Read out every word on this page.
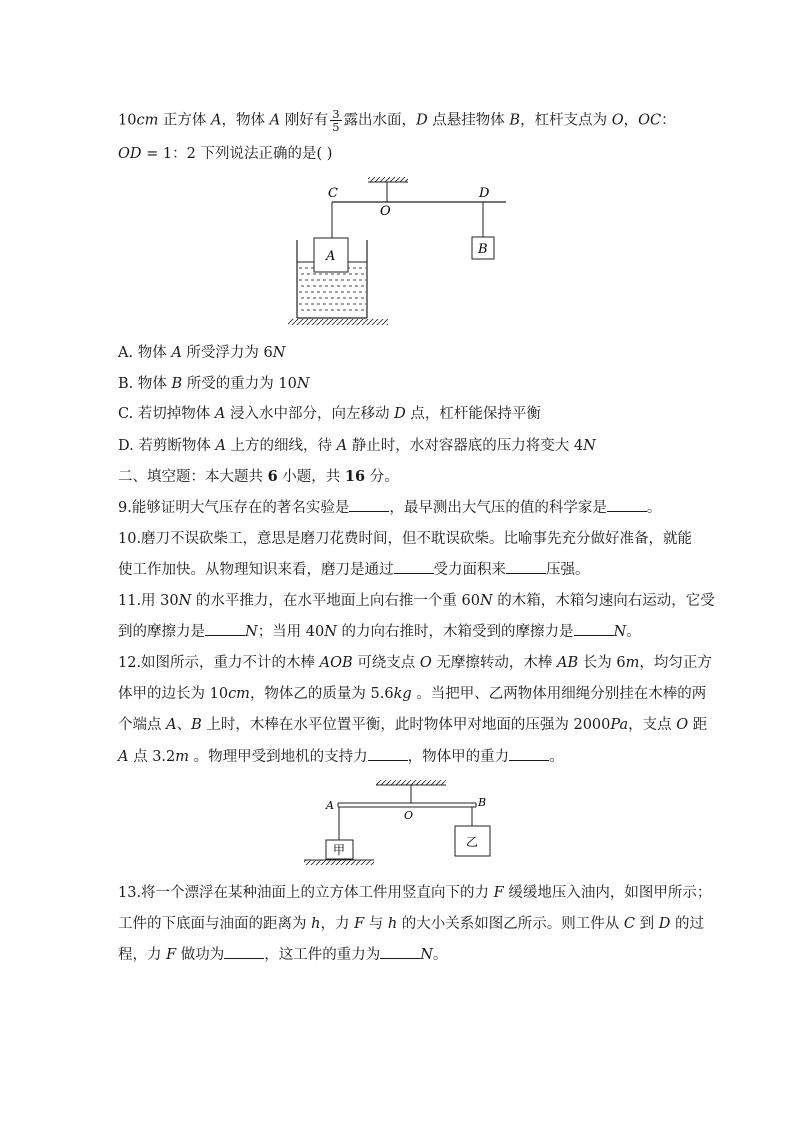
10cm 正方体 A，物体 A 刚好有 $\frac{3}{5}$ 露出水面，D 点悬挂物体 B，杠杆支点为 O，OC：
OD = 1：2 下列说法正确的是( )
C
O
D
B
A
A. 物体 A 所受浮力为 6N
B. 物体 B 所受的重力为 10N
C. 若切掉物体 A 浸入水中部分，向左移动 D 点，杠杆能保持平衡
D. 若剪断物体 A 上方的细线，待 A 静止时，水对容器底的压力将变大 4N
二、填空题：本大题共 6 小题，共 16 分。
9.能够证明大气压存在的著名实验是	，最早测出大气压的值的科学家是	。
10.磨刀不误砍柴工，意思是磨刀花费时间，但不耽误砍柴。比喻事先充分做好准备，就能
使工作加快。从物理知识来看，磨刀是通过	受力面积来	压强。
11.用 30N 的水平推力，在水平地面上向右推一个重 60N 的木箱，木箱匀速向右运动，它受
到的摩擦力是	N；当用 40N 的力向右推时，木箱受到的摩擦力是	N。
12.如图所示，重力不计的木棒 AOB 可绕支点 O 无摩擦转动，木棒 AB 长为 6m，均匀正方
体甲的边长为 10cm，物体乙的质量为 5.6kg 。当把甲、乙两物体用细绳分别挂在木棒的两
个端点 A、B 上时，木棒在水平位置平衡，此时物体甲对地面的压强为 2000Pa，支点 O 距
A 点 3.2m 。物理甲受到地机的支持力	，物体甲的重力	。
A
O
B
甲
乙
13.将一个漂浮在某种油面上的立方体工件用竖直向下的力 F 缓缓地压入油内，如图甲所示；
工件的下底面与油面的距离为 h，力 F 与 h 的大小关系如图乙所示。则工件从 C 到 D 的过
程，力 F 做功为	，这工件的重力为	N。
